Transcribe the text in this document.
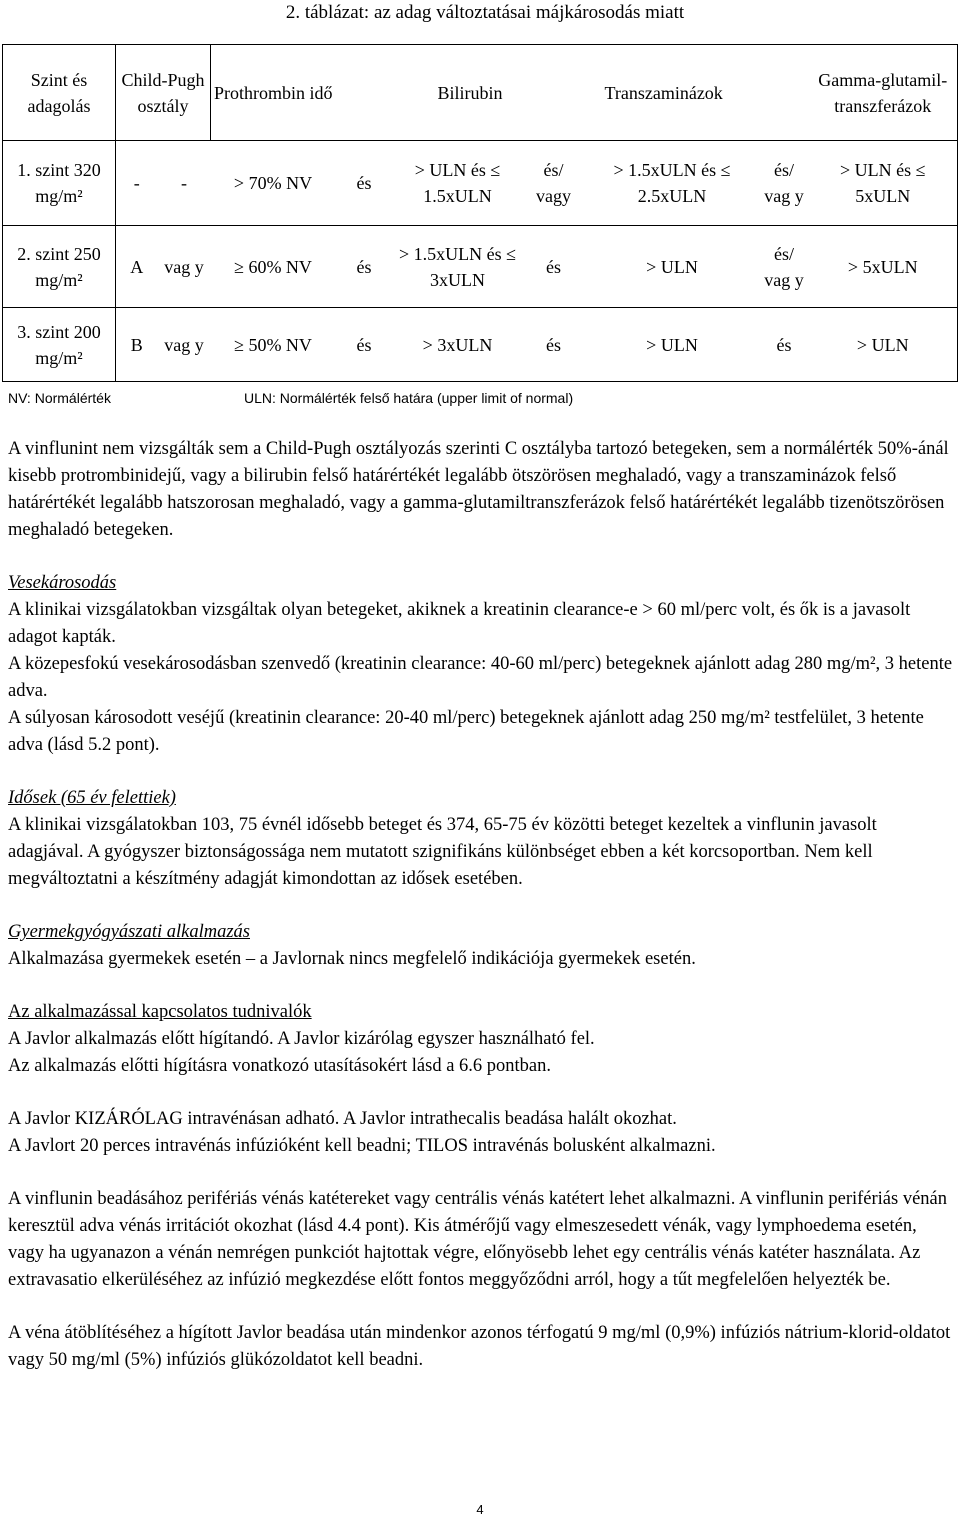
2. táblázat: az adag változtatásai májkárosodás miatt
Szint és adagolás	Child-Pugh osztály		Prothrombin idő		Bilirubin		Transzaminázok		Gamma-glutamil-transzferázok
1. szint 320 mg/m²	-	-	> 70% NV	és	> ULN és ≤ 1.5xULN	és/ vagy	> 1.5xULN és ≤ 2.5xULN	és/ vag y	> ULN és ≤ 5xULN
2. szint 250 mg/m²	A	vag y	≥ 60% NV	és	> 1.5xULN és ≤ 3xULN	és	> ULN	és/ vag y	> 5xULN
3. szint 200 mg/m²	B	vag y	≥ 50% NV	és	> 3xULN	és	> ULN	és	> ULN
NV: Normálérték	ULN: Normálérték felső határa (upper limit of normal)

A vinflunint nem vizsgálták sem a Child-Pugh osztályozás szerinti C osztályba tartozó betegeken, sem a normálérték 50%-ánál kisebb protrombinidejű, vagy a bilirubin felső határértékét legalább ötszörösen meghaladó, vagy a transzaminázok felső határértékét legalább hatszorosan meghaladó, vagy a gamma-glutamiltranszferázok felső határértékét legalább tizenötszörösen meghaladó betegeken.

Vesekárosodás

A klinikai vizsgálatokban vizsgáltak olyan betegeket, akiknek a kreatinin clearance-e > 60 ml/perc volt, és ők is a javasolt adagot kapták.

A közepesfokú vesekárosodásban szenvedő (kreatinin clearance: 40-60 ml/perc) betegeknek ajánlott adag 280 mg/m², 3 hetente adva.

A súlyosan károsodott veséjű (kreatinin clearance: 20-40 ml/perc) betegeknek ajánlott adag 250 mg/m² testfelület, 3 hetente adva (lásd 5.2 pont).

Idősek (65 év felettiek)

A klinikai vizsgálatokban 103, 75 évnél idősebb beteget és 374, 65-75 év közötti beteget kezeltek a vinflunin javasolt adagjával. A gyógyszer biztonságossága nem mutatott szignifikáns különbséget ebben a két korcsoportban. Nem kell megváltoztatni a készítmény adagját kimondottan az idősek esetében.

Gyermekgyógyászati alkalmazás

Alkalmazása gyermekek esetén – a Javlornak nincs megfelelő indikációja gyermekek esetén.

Az alkalmazással kapcsolatos tudnivalók

A Javlor alkalmazás előtt hígítandó. A Javlor kizárólag egyszer használható fel.

Az alkalmazás előtti hígításra vonatkozó utasításokért lásd a 6.6 pontban.

A Javlor KIZÁRÓLAG intravénásan adható. A Javlor intrathecalis beadása halált okozhat.

A Javlort 20 perces intravénás infúzióként kell beadni; TILOS intravénás bolusként alkalmazni.

A vinflunin beadásához perifériás vénás katétereket vagy centrális vénás katétert lehet alkalmazni. A vinflunin perifériás vénán keresztül adva vénás irritációt okozhat (lásd 4.4 pont). Kis átmérőjű vagy elmeszesedett vénák, vagy lymphoedema esetén, vagy ha ugyanazon a vénán nemrégen punkciót hajtottak végre, előnyösebb lehet egy centrális vénás katéter használata. Az extravasatio elkerüléséhez az infúzió megkezdése előtt fontos meggyőződni arról, hogy a tűt megfelelően helyezték be.

A véna átöblítéséhez a hígított Javlor beadása után mindenkor azonos térfogatú 9 mg/ml (0,9%) infúziós nátrium-klorid-oldatot vagy 50 mg/ml (5%) infúziós glükózoldatot kell beadni.

4
